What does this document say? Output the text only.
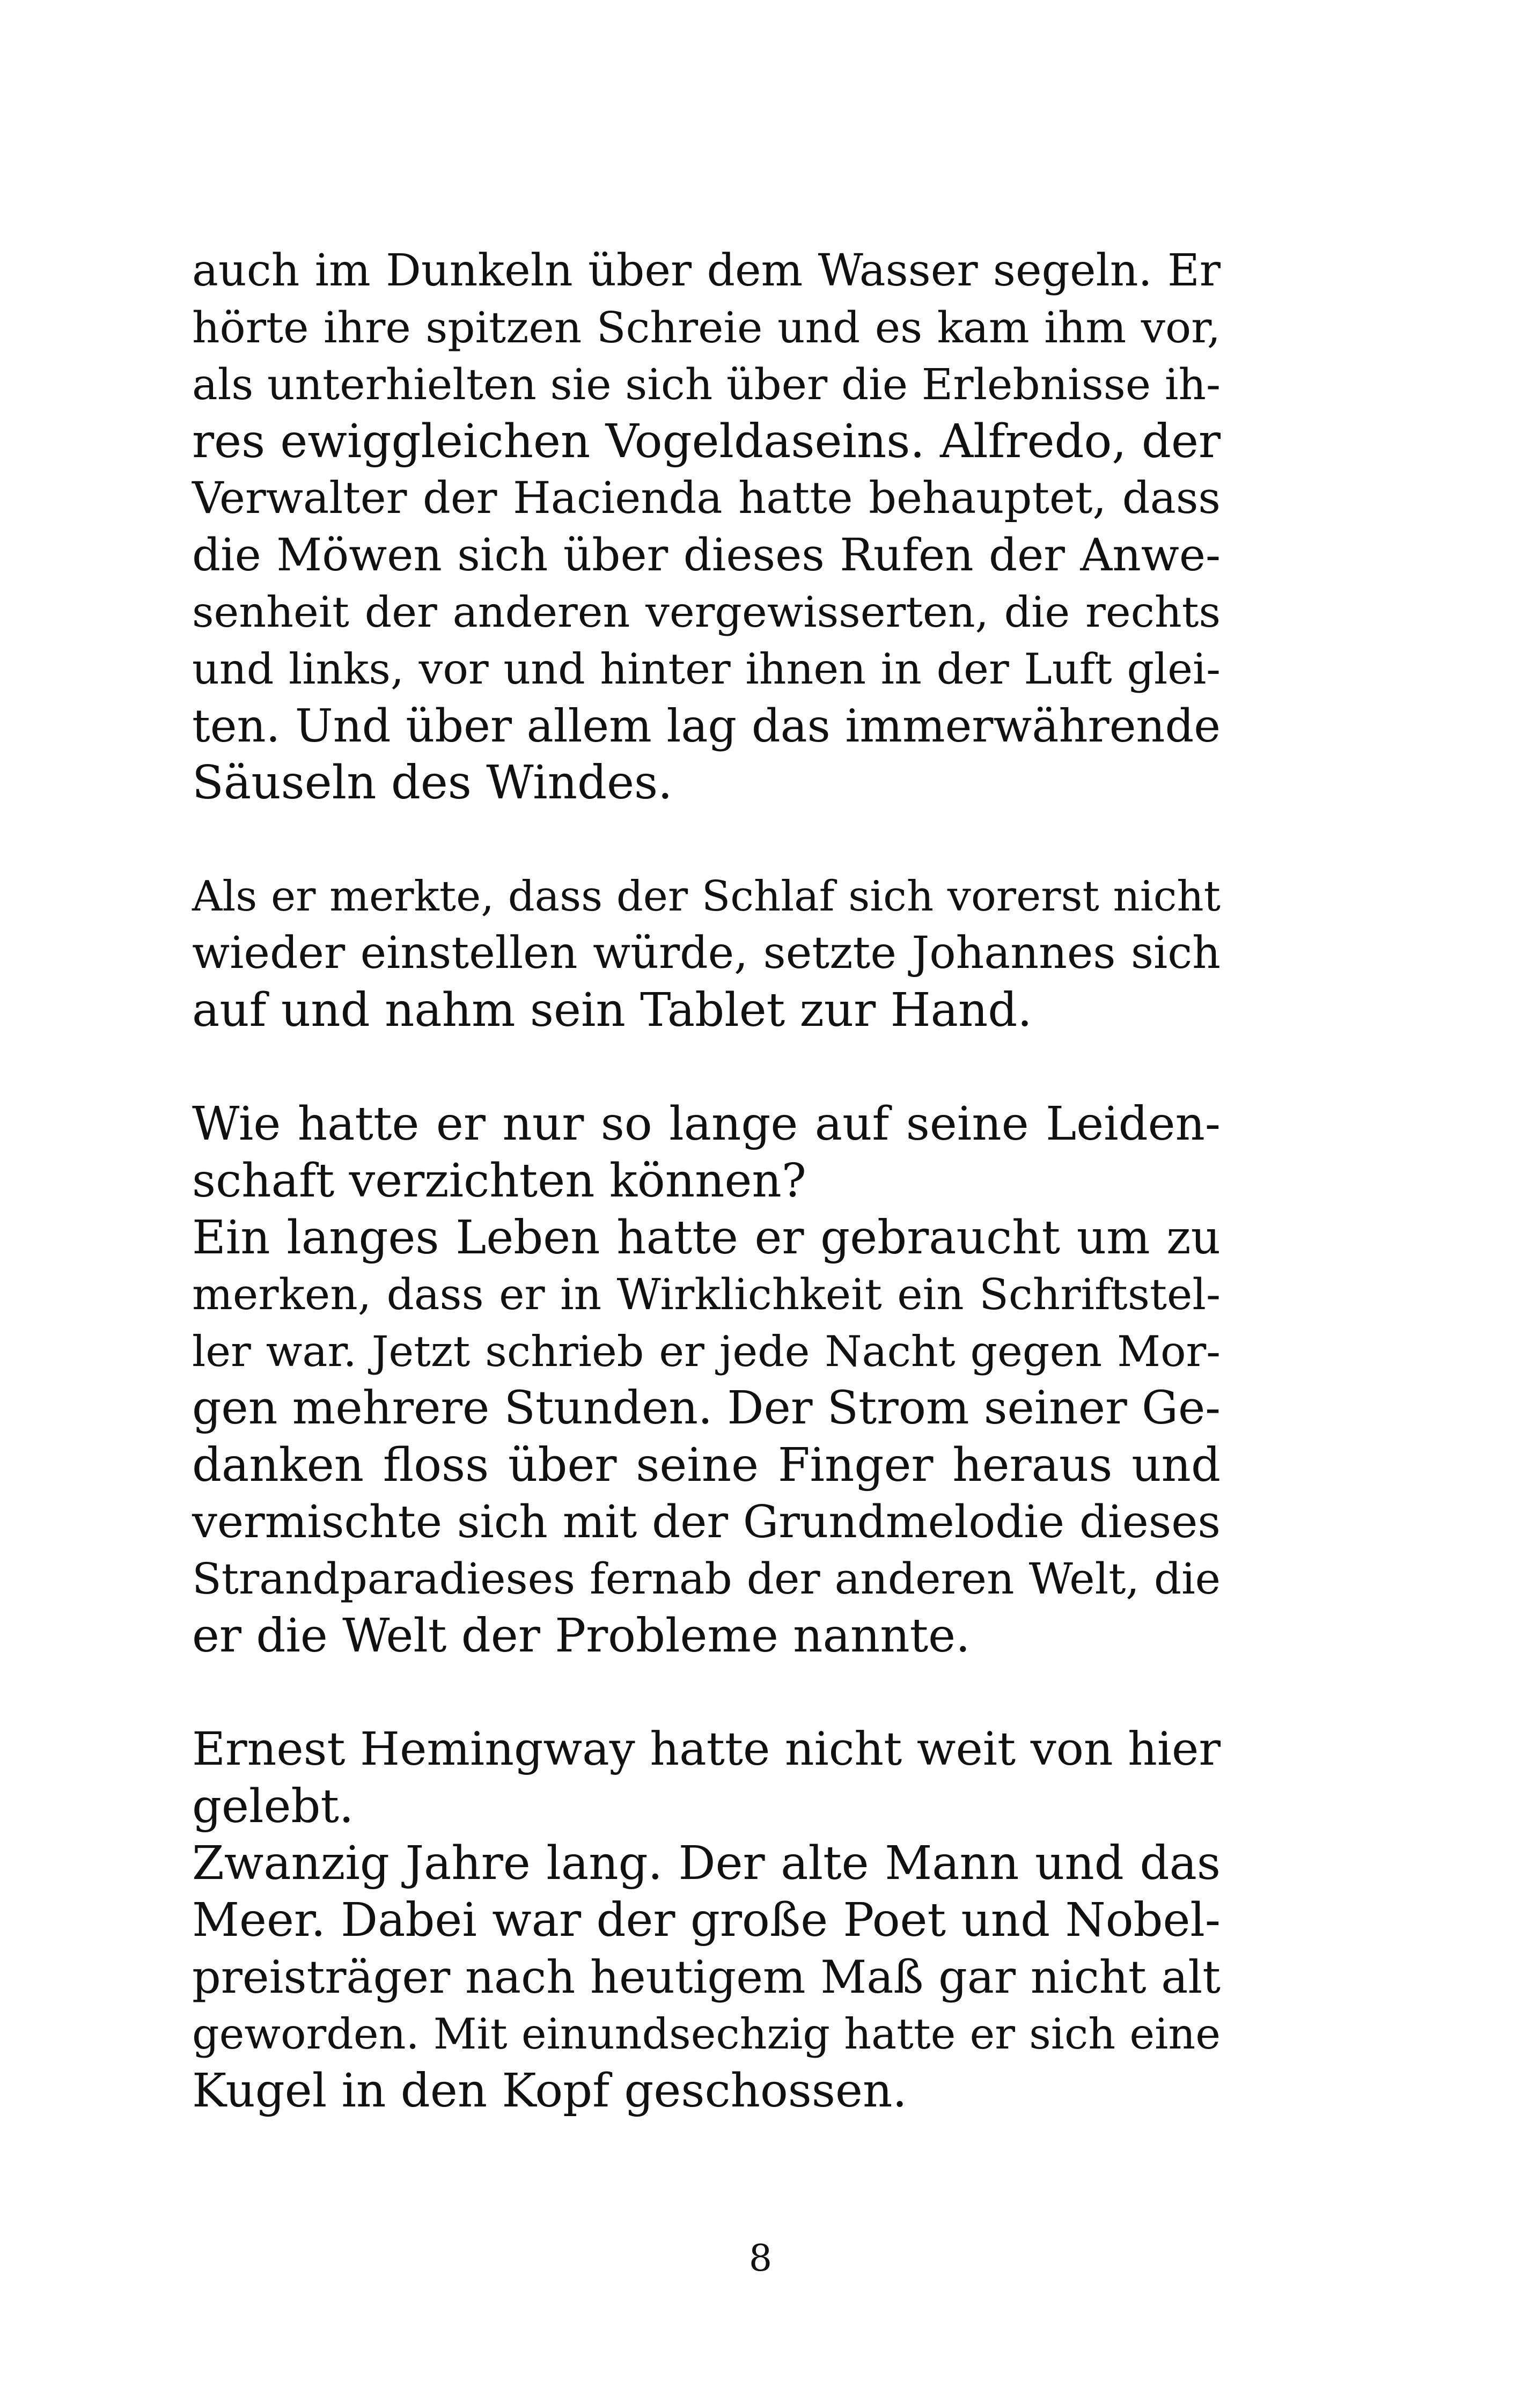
auch im Dunkeln über dem Wasser segeln. Er
hörte ihre spitzen Schreie und es kam ihm vor,
als unterhielten sie sich über die Erlebnisse ih-
res ewiggleichen Vogeldaseins. Alfredo, der
Verwalter der Hacienda hatte behauptet, dass
die Möwen sich über dieses Rufen der Anwe-
senheit der anderen vergewisserten, die rechts
und links, vor und hinter ihnen in der Luft glei-
ten. Und über allem lag das immerwährende
Säuseln des Windes.
Als er merkte, dass der Schlaf sich vorerst nicht
wieder einstellen würde, setzte Johannes sich
auf und nahm sein Tablet zur Hand.
Wie hatte er nur so lange auf seine Leiden-
schaft verzichten können?
Ein langes Leben hatte er gebraucht um zu
merken, dass er in Wirklichkeit ein Schriftstel-
ler war. Jetzt schrieb er jede Nacht gegen Mor-
gen mehrere Stunden. Der Strom seiner Ge-
danken floss über seine Finger heraus und
vermischte sich mit der Grundmelodie dieses
Strandparadieses fernab der anderen Welt, die
er die Welt der Probleme nannte.
Ernest Hemingway hatte nicht weit von hier
gelebt.
Zwanzig Jahre lang. Der alte Mann und das
Meer. Dabei war der große Poet und Nobel-
preisträger nach heutigem Maß gar nicht alt
geworden. Mit einundsechzig hatte er sich eine
Kugel in den Kopf geschossen.
8
